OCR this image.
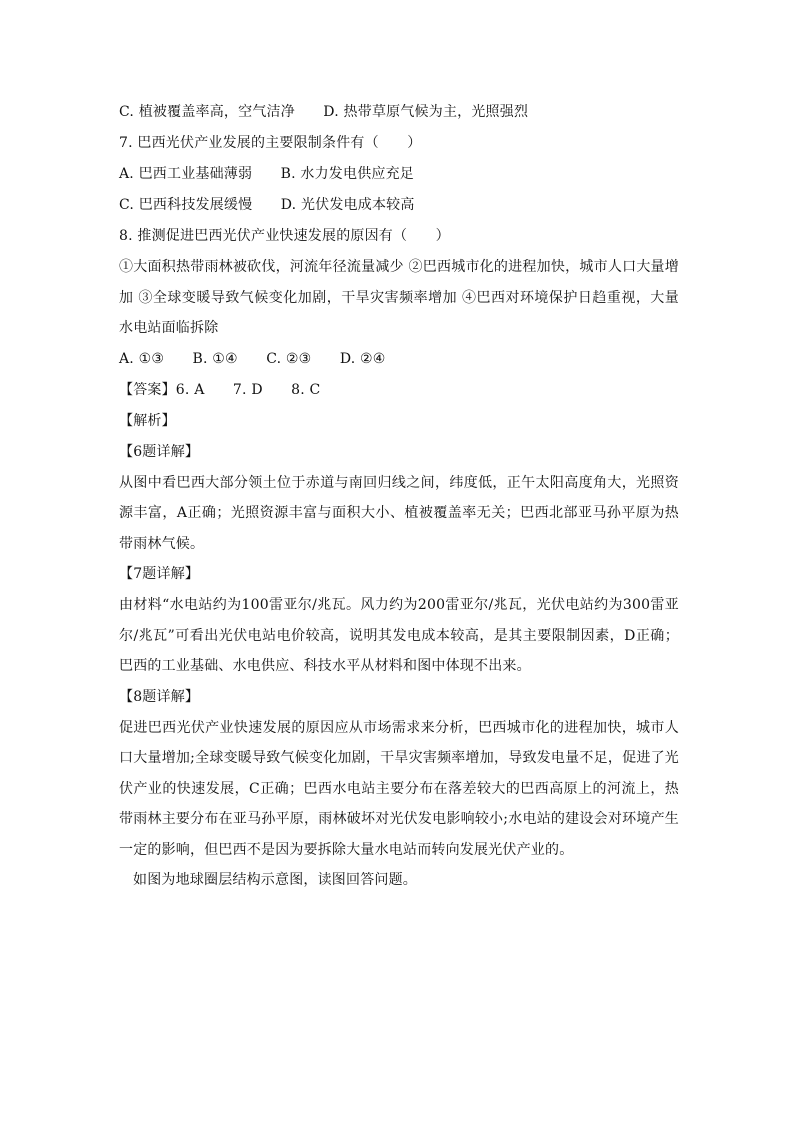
C. 植被覆盖率高，空气洁净　　D. 热带草原气候为主，光照强烈
7. 巴西光伏产业发展的主要限制条件有（　　）
A. 巴西工业基础薄弱　　B. 水力发电供应充足
C. 巴西科技发展缓慢　　D. 光伏发电成本较高
8. 推测促进巴西光伏产业快速发展的原因有（　　）
①大面积热带雨林被砍伐，河流年径流量减少 ②巴西城市化的进程加快，城市人口大量增加 ③全球变暖导致气候变化加剧，干旱灾害频率增加 ④巴西对环境保护日趋重视，大量水电站面临拆除
A. ①③　　B. ①④　　C. ②③　　D. ②④
【答案】6. A　　7. D　　8. C
【解析】
【6题详解】
从图中看巴西大部分领土位于赤道与南回归线之间，纬度低，正午太阳高度角大，光照资源丰富，A正确；光照资源丰富与面积大小、植被覆盖率无关；巴西北部亚马孙平原为热带雨林气候。
【7题详解】
由材料“水电站约为100雷亚尔/兆瓦。风力约为200雷亚尔/兆瓦，光伏电站约为300雷亚尔/兆瓦”可看出光伏电站电价较高，说明其发电成本较高，是其主要限制因素，D正确；巴西的工业基础、水电供应、科技水平从材料和图中体现不出来。
【8题详解】
促进巴西光伏产业快速发展的原因应从市场需求来分析，巴西城市化的进程加快，城市人口大量增加;全球变暖导致气候变化加剧，干旱灾害频率增加，导致发电量不足，促进了光伏产业的快速发展，C正确；巴西水电站主要分布在落差较大的巴西高原上的河流上，热带雨林主要分布在亚马孙平原，雨林破坏对光伏发电影响较小;水电站的建设会对环境产生一定的影响，但巴西不是因为要拆除大量水电站而转向发展光伏产业的。
如图为地球圈层结构示意图，读图回答问题。
